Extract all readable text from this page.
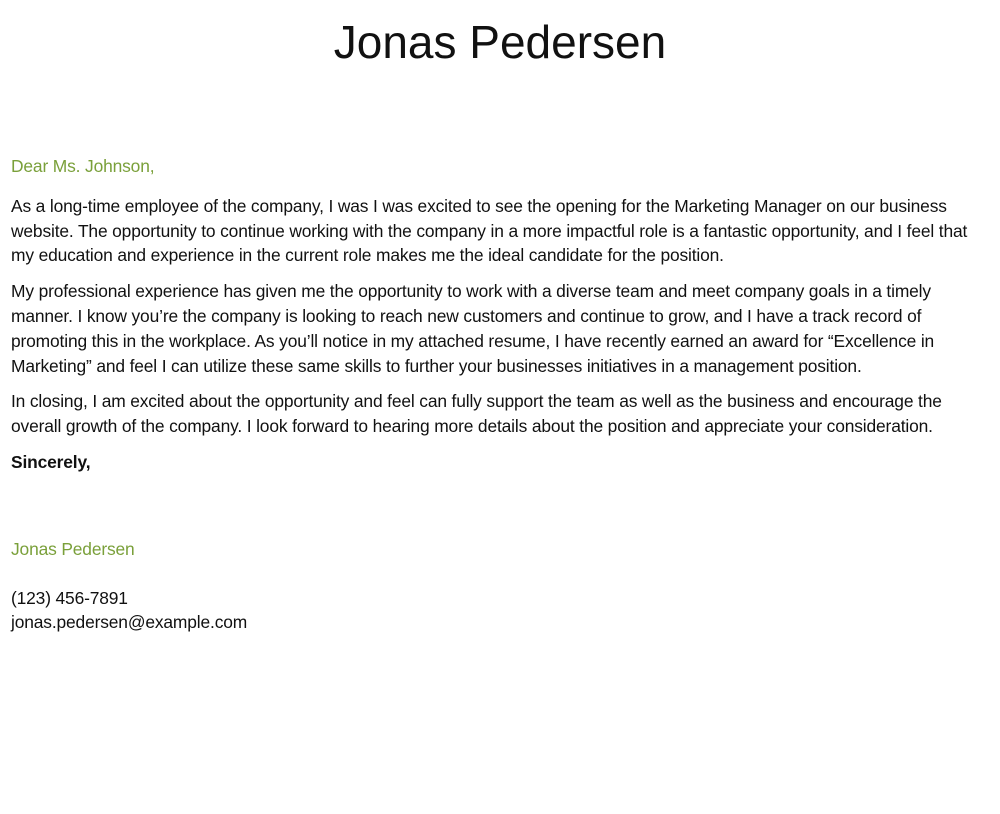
Jonas Pedersen

Dear Ms. Johnson,

As a long-time employee of the company, I was I was excited to see the opening for the Marketing Manager on our business website. The opportunity to continue working with the company in a more impactful role is a fantastic opportunity, and I feel that my education and experience in the current role makes me the ideal candidate for the position.

My professional experience has given me the opportunity to work with a diverse team and meet company goals in a timely manner. I know you’re the company is looking to reach new customers and continue to grow, and I have a track record of promoting this in the workplace. As you’ll notice in my attached resume, I have recently earned an award for “Excellence in Marketing” and feel I can utilize these same skills to further your businesses initiatives in a management position.

In closing, I am excited about the opportunity and feel can fully support the team as well as the business and encourage the overall growth of the company. I look forward to hearing more details about the position and appreciate your consideration.

Sincerely,

Jonas Pedersen

(123) 456-7891
jonas.pedersen@example.com
